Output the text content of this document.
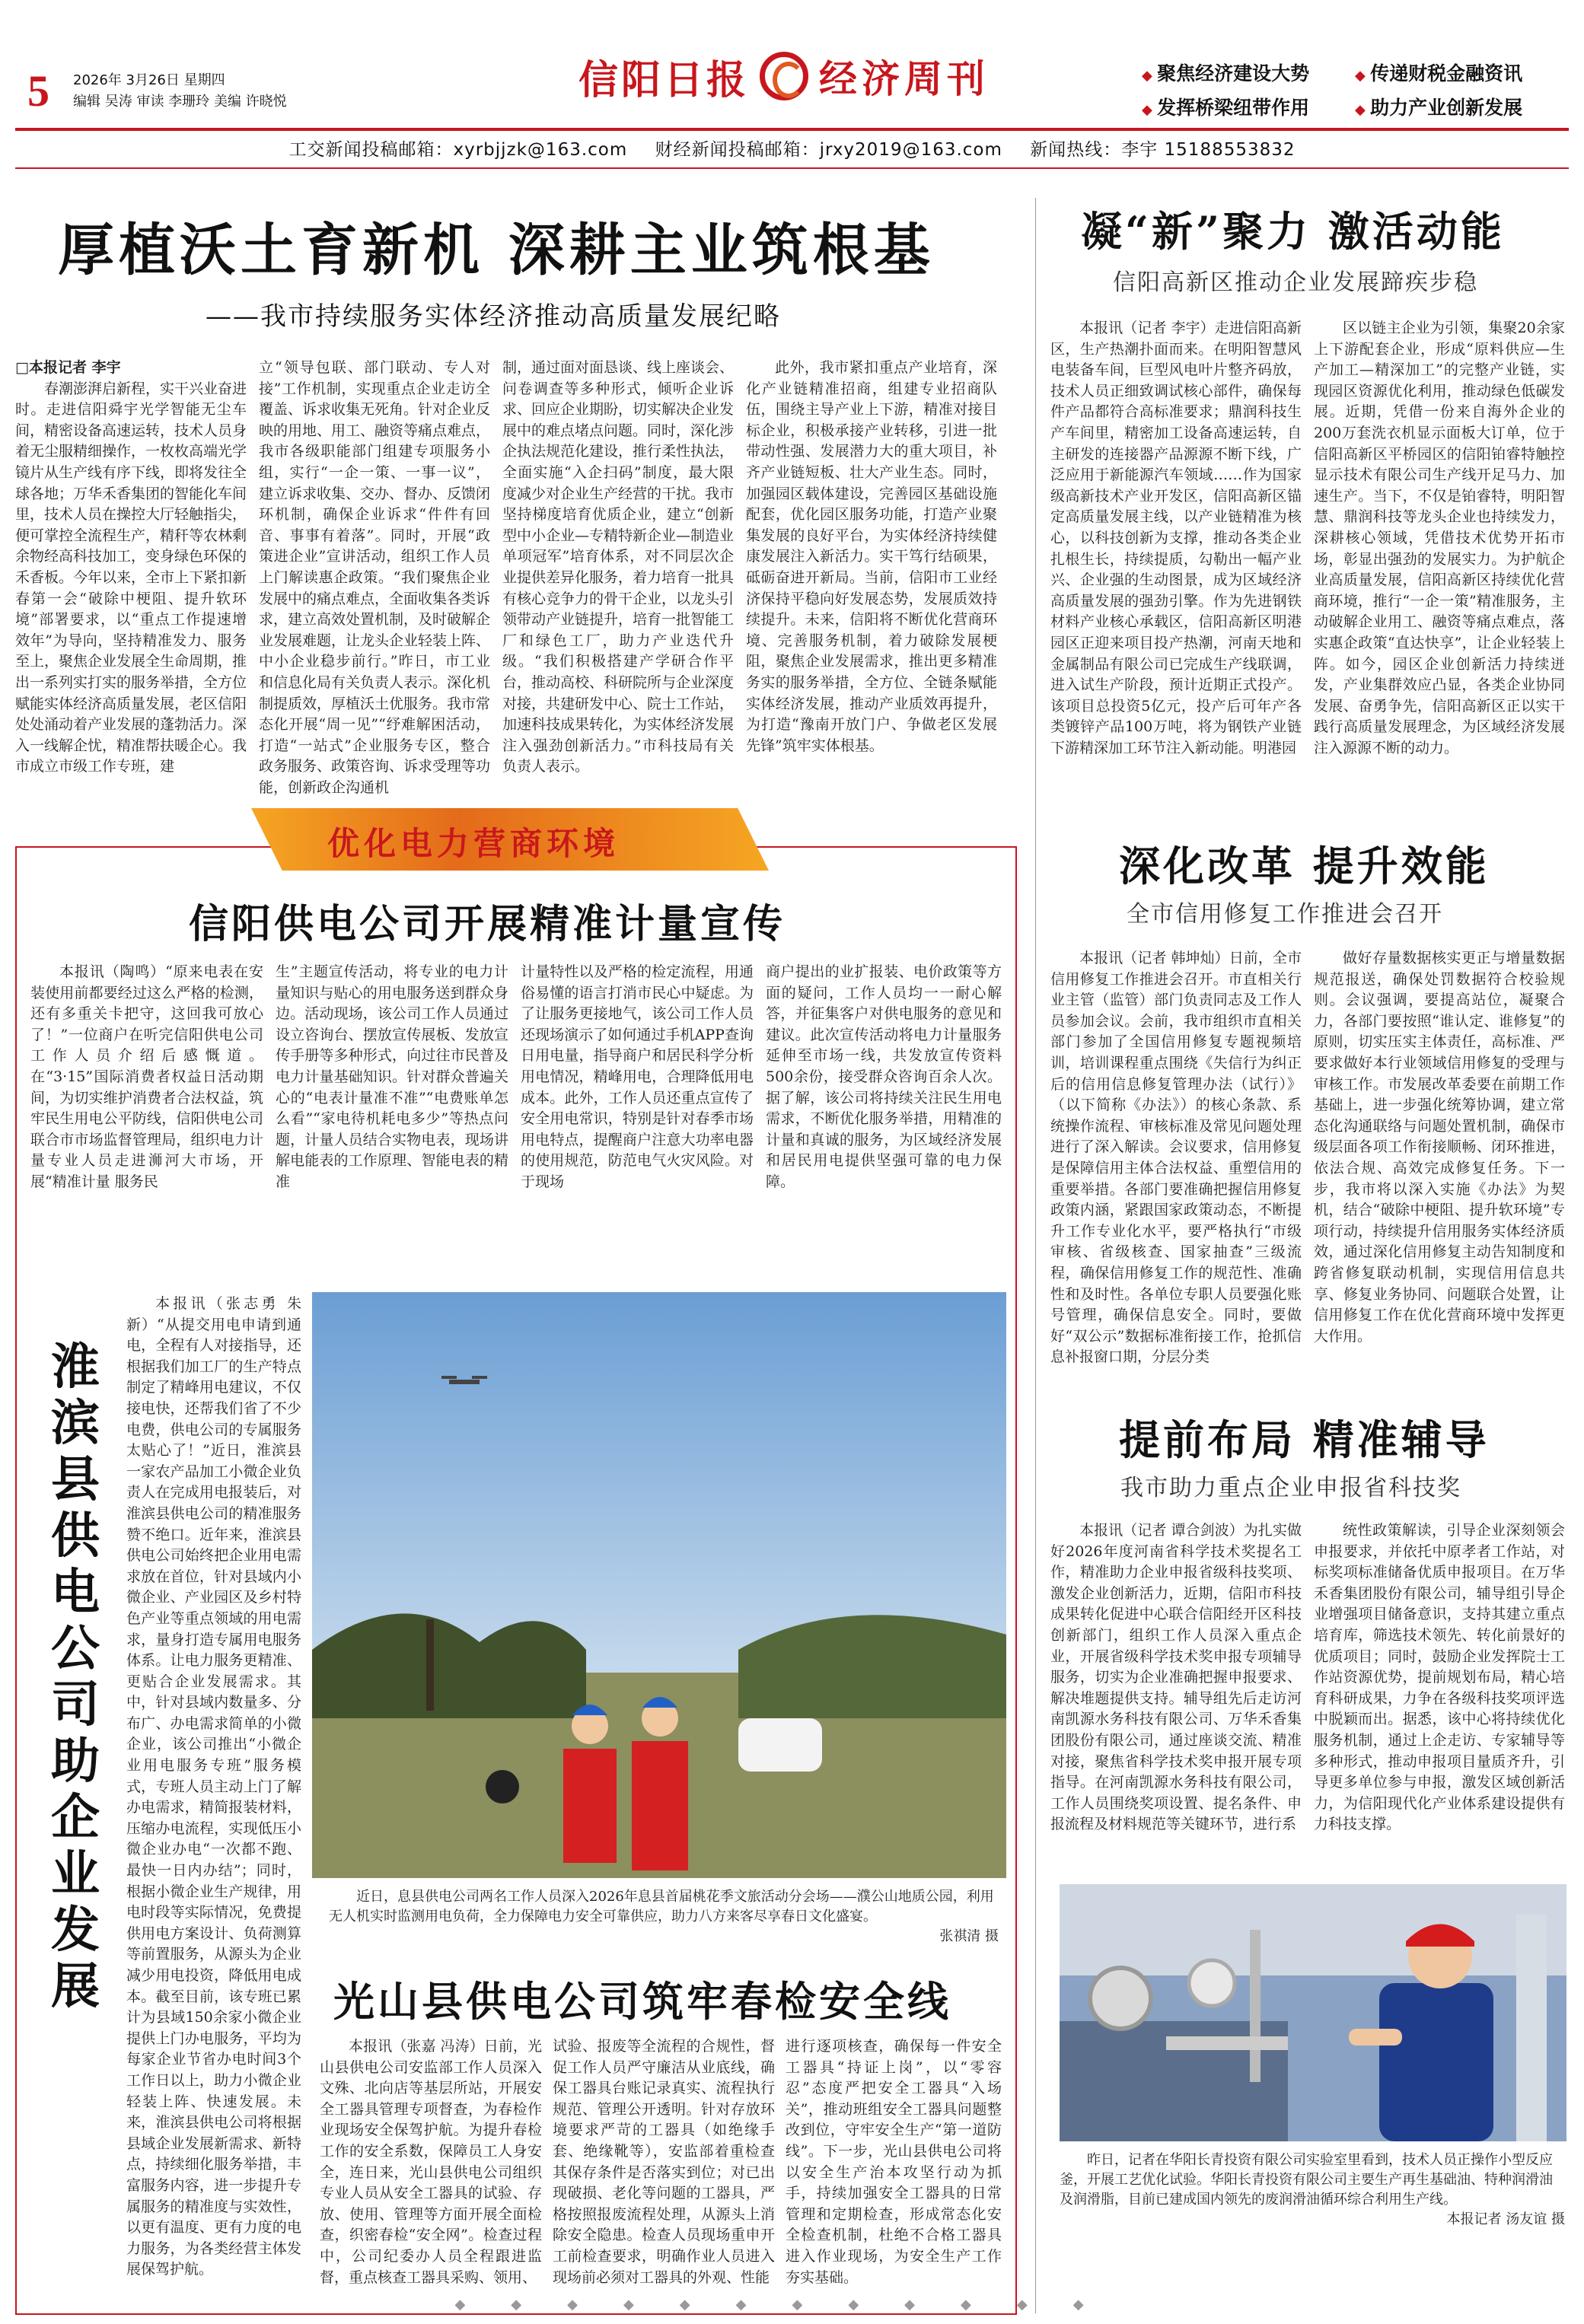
5 2026年 3月26日 星期四
编辑 吴涛 审读 李珊玲 美编 许晓悦	信阳日报 经济周刊	◆ 聚焦经济建设大势	◆ 传递财税金融资讯
◆ 发挥桥梁纽带作用	◆ 助力产业创新发展
工交新闻投稿邮箱：xyrbjjzk@163.com 财经新闻投稿邮箱：jrxy2019@163.com 新闻热线：李宇 15188553832
厚植沃土育新机 深耕主业筑根基
——我市持续服务实体经济推动高质量发展纪略
□本报记者 李宇
春潮澎湃启新程，实干兴业奋进时。走进信阳舜宇光学智能无尘车间，精密设备高速运转，技术人员身着无尘服精细操作，一枚枚高端光学镜片从生产线有序下线，即将发往全球各地；万华禾香集团的智能化车间里，技术人员在操控大厅轻触指尖，便可掌控全流程生产，精秆等农林剩余物经高科技加工，变身绿色环保的禾香板。今年以来，全市上下紧扣新春第一会“破除中梗阻、提升软环境”部署要求，以“重点工作提速增效年”为导向，坚持精准发力、服务至上，聚焦企业发展全生命周期，推出一系列实打实的服务举措，全方位赋能实体经济高质量发展，老区信阳处处涌动着产业发展的蓬勃活力。深入一线解企忧，精准帮扶暖企心。我市成立市级工作专班，建
立“领导包联、部门联动、专人对接”工作机制，实现重点企业走访全覆盖、诉求收集无死角。针对企业反映的用地、用工、融资等痛点难点，我市各级职能部门组建专项服务小组，实行“一企一策、一事一议”，建立诉求收集、交办、督办、反馈闭环机制，确保企业诉求“件件有回音、事事有着落”。同时，开展“政策进企业”宣讲活动，组织工作人员上门解读惠企政策。“我们聚焦企业发展中的痛点难点，全面收集各类诉求，建立高效处置机制，及时破解企业发展难题，让龙头企业轻装上阵、中小企业稳步前行。”昨日，市工业和信息化局有关负责人表示。深化机制提质效，厚植沃土优服务。我市常态化开展“周一见”“纾难解困活动，打造“一站式”企业服务专区，整合政务服务、政策咨询、诉求受理等功能，创新政企沟通机
制，通过面对面恳谈、线上座谈会、问卷调查等多种形式，倾听企业诉求、回应企业期盼，切实解决企业发展中的难点堵点问题。同时，深化涉企执法规范化建设，推行柔性执法，全面实施“入企扫码”制度，最大限度减少对企业生产经营的干扰。我市坚持梯度培育优质企业，建立“创新型中小企业—专精特新企业—制造业单项冠军”培育体系，对不同层次企业提供差异化服务，着力培育一批具有核心竞争力的骨干企业，以龙头引领带动产业链提升，培育一批智能工厂和绿色工厂，助力产业迭代升级。“我们积极搭建产学研合作平台，推动高校、科研院所与企业深度对接，共建研发中心、院士工作站，加速科技成果转化，为实体经济发展注入强劲创新活力。”市科技局有关负责人表示。
此外，我市紧扣重点产业培育，深化产业链精准招商，组建专业招商队伍，围绕主导产业上下游，精准对接目标企业，积极承接产业转移，引进一批带动性强、发展潜力大的重大项目，补齐产业链短板、壮大产业生态。同时，加强园区载体建设，完善园区基础设施配套，优化园区服务功能，打造产业聚集发展的良好平台，为实体经济持续健康发展注入新活力。实干笃行结硕果，砥砺奋进开新局。当前，信阳市工业经济保持平稳向好发展态势，发展质效持续提升。未来，信阳将不断优化营商环境、完善服务机制，着力破除发展梗阻，聚焦企业发展需求，推出更多精准务实的服务举措，全方位、全链条赋能实体经济发展，推动产业质效再提升，为打造“豫南开放门户、争做老区发展先锋”筑牢实体根基。
凝“新”聚力 激活动能
信阳高新区推动企业发展蹄疾步稳
本报讯（记者 李宇）走进信阳高新区，生产热潮扑面而来。在明阳智慧风电装备车间，巨型风电叶片整齐码放，技术人员正细致调试核心部件，确保每件产品都符合高标准要求；鼎润科技生产车间里，精密加工设备高速运转，自主研发的连接器产品源源不断下线，广泛应用于新能源汽车领域……作为国家级高新技术产业开发区，信阳高新区锚定高质量发展主线，以产业链精准为核心，以科技创新为支撑，推动各类企业扎根生长，持续提质，勾勒出一幅产业兴、企业强的生动图景，成为区域经济高质量发展的强劲引擎。作为先进钢铁材料产业核心承载区，信阳高新区明港园区正迎来项目投产热潮，河南天地和金属制品有限公司已完成生产线联调，进入试生产阶段，预计近期正式投产。该项目总投资5亿元，投产后可年产各类镀锌产品100万吨，将为钢铁产业链下游精深加工环节注入新动能。明港园
区以链主企业为引领，集聚20余家上下游配套企业，形成“原料供应—生产加工—精深加工”的完整产业链，实现园区资源优化利用，推动绿色低碳发展。近期，凭借一份来自海外企业的200万套洗衣机显示面板大订单，位于信阳高新区平桥园区的信阳铂睿特触控显示技术有限公司生产线开足马力、加速生产。当下，不仅是铂睿特，明阳智慧、鼎润科技等龙头企业也持续发力，深耕核心领域，凭借技术优势开拓市场，彰显出强劲的发展实力。为护航企业高质量发展，信阳高新区持续优化营商环境，推行“一企一策”精准服务，主动破解企业用工、融资等痛点难点，落实惠企政策“直达快享”，让企业轻装上阵。如今，园区企业创新活力持续迸发，产业集群效应凸显，各类企业协同发展、奋勇争先，信阳高新区正以实干践行高质量发展理念，为区域经济发展注入源源不断的动力。
深化改革 提升效能
全市信用修复工作推进会召开
本报讯（记者 韩坤灿）日前，全市信用修复工作推进会召开。市直相关行业主管（监管）部门负责同志及工作人员参加会议。会前，我市组织市直相关部门参加了全国信用修复专题视频培训，培训课程重点围绕《失信行为纠正后的信用信息修复管理办法（试行）》（以下简称《办法》）的核心条款、系统操作流程、审核标准及常见问题处理进行了深入解读。会议要求，信用修复是保障信用主体合法权益、重塑信用的重要举措。各部门要准确把握信用修复政策内涵，紧跟国家政策动态，不断提升工作专业化水平，要严格执行“市级审核、省级核查、国家抽查”三级流程，确保信用修复工作的规范性、准确性和及时性。各单位专职人员要强化账号管理，确保信息安全。同时，要做好“双公示”数据标准衔接工作，抢抓信息补报窗口期，分层分类
做好存量数据核实更正与增量数据规范报送，确保处罚数据符合校验规则。会议强调，要提高站位，凝聚合力，各部门要按照“谁认定、谁修复”的原则，切实压实主体责任，高标准、严要求做好本行业领域信用修复的受理与审核工作。市发展改革委要在前期工作基础上，进一步强化统筹协调，建立常态化沟通联络与问题处置机制，确保市级层面各项工作衔接顺畅、闭环推进，依法合规、高效完成修复任务。下一步，我市将以深入实施《办法》为契机，结合“破除中梗阻、提升软环境”专项行动，持续提升信用服务实体经济质效，通过深化信用修复主动告知制度和跨省修复联动机制，实现信用信息共享、修复业务协同、问题联合处置，让信用修复工作在优化营商环境中发挥更大作用。
提前布局 精准辅导
我市助力重点企业申报省科技奖
本报讯（记者 谭合剑波）为扎实做好2026年度河南省科学技术奖提名工作，精准助力企业申报省级科技奖项、激发企业创新活力，近期，信阳市科技成果转化促进中心联合信阳经开区科技创新部门，组织工作人员深入重点企业，开展省级科学技术奖申报专项辅导服务，切实为企业准确把握申报要求、解决堆题提供支持。辅导组先后走访河南凯源水务科技有限公司、万华禾香集团股份有限公司，通过座谈交流、精准对接，聚焦省科学技术奖申报开展专项指导。在河南凯源水务科技有限公司，工作人员围绕奖项设置、提名条件、申报流程及材料规范等关键环节，进行系
统性政策解读，引导企业深刻领会申报要求，并依托中原孝者工作站，对标奖项标准储备优质申报项目。在万华禾香集团股份有限公司，辅导组引导企业增强项目储备意识，支持其建立重点培育库，筛选技术领先、转化前景好的优质项目；同时，鼓励企业发挥院士工作站资源优势，提前规划布局，精心培育科研成果，力争在各级科技奖项评选中脱颖而出。据悉，该中心将持续优化服务机制，通过上企走访、专家辅导等多种形式，推动申报项目量质齐升，引导更多单位参与申报，激发区域创新活力，为信阳现代化产业体系建设提供有力科技支撑。
昨日，记者在华阳长青投资有限公司实验室里看到，技术人员正操作小型反应釜，开展工艺优化试验。华阳长青投资有限公司主要生产再生基础油、特种润滑油及润滑脂，目前已建成国内领先的废润滑油循环综合利用生产线。
本报记者 汤友谊 摄
优化电力营商环境
信阳供电公司开展精准计量宣传
本报讯（陶鸣）“原来电表在安装使用前都要经过这么严格的检测，还有多重关卡把守，这回我可放心了！”一位商户在听完信阳供电公司工作人员介绍后感慨道。在“3·15”国际消费者权益日活动期间，为切实维护消费者合法权益，筑牢民生用电公平防线，信阳供电公司联合市市场监督管理局，组织电力计量专业人员走进浉河大市场，开展“精准计量 服务民
生”主题宣传活动，将专业的电力计量知识与贴心的用电服务送到群众身边。活动现场，该公司工作人员通过设立咨询台、摆放宣传展板、发放宣传手册等多种形式，向过往市民普及电力计量基础知识。针对群众普遍关心的“电表计量准不准”“电费账单怎么看”“家电待机耗电多少”等热点问题，计量人员结合实物电表，现场讲解电能表的工作原理、智能电表的精准
计量特性以及严格的检定流程，用通俗易懂的语言打消市民心中疑虑。为了让服务更接地气，该公司工作人员还现场演示了如何通过手机APP查询日用电量，指导商户和居民科学分析用电情况，精峰用电，合理降低用电成本。此外，工作人员还重点宣传了安全用电常识，特别是针对春季市场用电特点，提醒商户注意大功率电器的使用规范，防范电气火灾风险。对于现场
商户提出的业扩报装、电价政策等方面的疑问，工作人员均一一耐心解答，并征集客户对供电服务的意见和建议。此次宣传活动将电力计量服务延伸至市场一线，共发放宣传资料500余份，接受群众咨询百余人次。据了解，该公司将持续关注民生用电需求，不断优化服务举措，用精准的计量和真诚的服务，为区域经济发展和居民用电提供坚强可靠的电力保障。
淮滨县供电公司助企业发展
本报讯（张志勇 朱新）“从提交用电申请到通电，全程有人对接指导，还根据我们加工厂的生产特点制定了精峰用电建议，不仅接电快，还帮我们省了不少电费，供电公司的专属服务太贴心了！”近日，淮滨县一家农产品加工小微企业负责人在完成用电报装后，对淮滨县供电公司的精准服务赞不绝口。近年来，淮滨县供电公司始终把企业用电需求放在首位，针对县域内小微企业、产业园区及乡村特色产业等重点领域的用电需求，量身打造专属用电服务体系。让电力服务更精准、更贴合企业发展需求。其中，针对县域内数量多、分布广、办电需求简单的小微企业，该公司推出“小微企业用电服务专班”服务模式，专班人员主动上门了解办电需求，精简报装材料，压缩办电流程，实现低压小微企业办电“一次都不跑、最快一日内办结”；同时，根据小微企业生产规律，用电时段等实际情况，免费提供用电方案设计、负荷测算等前置服务，从源头为企业减少用电投资，降低用电成本。截至目前，该专班已累计为县域150余家小微企业提供上门办电服务，平均为每家企业节省办电时间3个工作日以上，助力小微企业轻装上阵、快速发展。未来，淮滨县供电公司将根据县域企业发展新需求、新特点，持续细化服务举措，丰富服务内容，进一步提升专属服务的精准度与实效性，以更有温度、更有力度的电力服务，为各类经营主体发展保驾护航。
近日，息县供电公司两名工作人员深入2026年息县首届桃花季文旅活动分会场——濮公山地质公园，利用无人机实时监测用电负荷，全力保障电力安全可靠供应，助力八方来客尽享春日文化盛宴。
张祺清 摄
光山县供电公司筑牢春检安全线
本报讯（张嘉 冯涛）日前，光山县供电公司安监部工作人员深入文殊、北向店等基层所站，开展安全工器具管理专项督查，为春检作业现场安全保驾护航。为提升春检工作的安全系数，保障员工人身安全，连日来，光山县供电公司组织专业人员从安全工器具的试验、存放、使用、管理等方面开展全面检查，织密春检“安全网”。检查过程中，公司纪委办人员全程跟进监督，重点核查工器具采购、领用、
试验、报废等全流程的合规性，督促工作人员严守廉洁从业底线，确保工器具台账记录真实、流程执行规范、管理公开透明。针对存放环境要求严苛的工器具（如绝缘手套、绝缘靴等），安监部着重检查其保存条件是否落实到位；对已出现破损、老化等问题的工器具，严格按照报废流程处理，从源头上消除安全隐患。检查人员现场重申开工前检查要求，明确作业人员进入现场前必须对工器具的外观、性能
进行逐项核查，确保每一件安全工器具“持证上岗”，以“零容忍”态度严把安全工器具“入场关”，推动班组安全工器具问题整改到位，守牢安全生产“第一道防线”。下一步，光山县供电公司将以安全生产治本攻坚行动为抓手，持续加强安全工器具的日常管理和定期检查，形成常态化安全检查机制，杜绝不合格工器具进入作业现场，为安全生产工作夯实基础。
◆◆◆◆◆◆◆◆◆◆◆◆
